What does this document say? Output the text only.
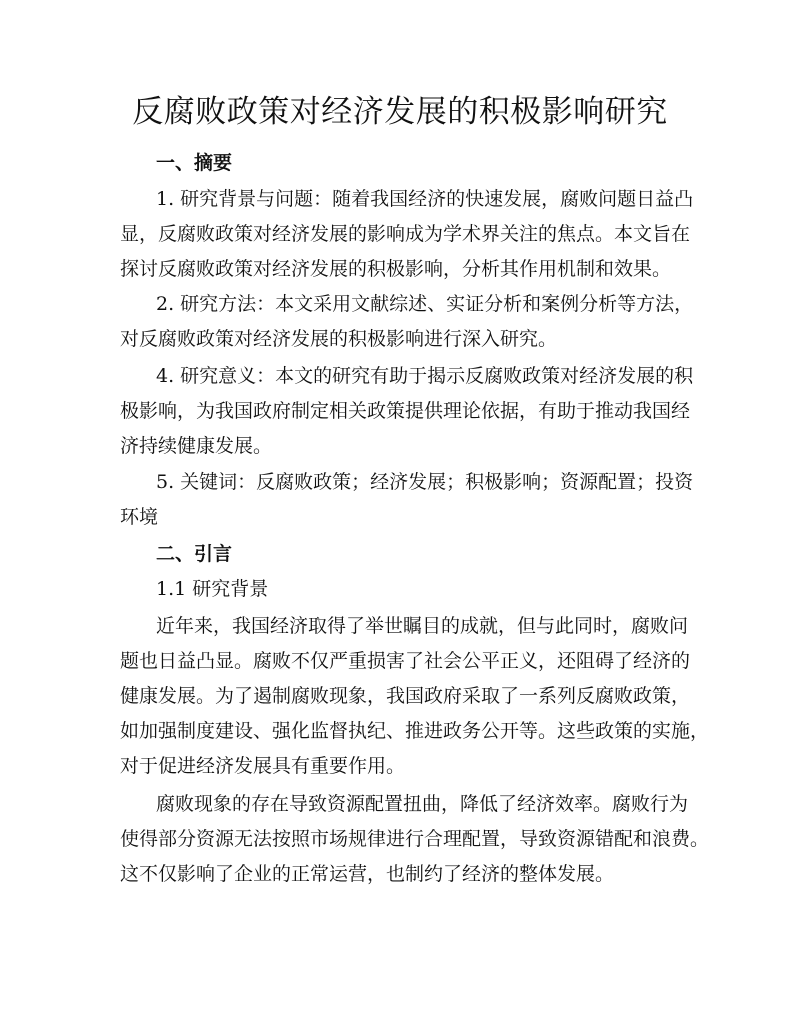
反腐败政策对经济发展的积极影响研究

一、摘要

1. 研究背景与问题：随着我国经济的快速发展，腐败问题日益凸

显，反腐败政策对经济发展的影响成为学术界关注的焦点。本文旨在

探讨反腐败政策对经济发展的积极影响，分析其作用机制和效果。

2. 研究方法：本文采用文献综述、实证分析和案例分析等方法，

对反腐败政策对经济发展的积极影响进行深入研究。

4. 研究意义：本文的研究有助于揭示反腐败政策对经济发展的积

极影响，为我国政府制定相关政策提供理论依据，有助于推动我国经

济持续健康发展。

5. 关键词：反腐败政策；经济发展；积极影响；资源配置；投资

环境

二、引言

1.1 研究背景

近年来，我国经济取得了举世瞩目的成就，但与此同时，腐败问

题也日益凸显。腐败不仅严重损害了社会公平正义，还阻碍了经济的

健康发展。为了遏制腐败现象，我国政府采取了一系列反腐败政策，

如加强制度建设、强化监督执纪、推进政务公开等。这些政策的实施，

对于促进经济发展具有重要作用。

腐败现象的存在导致资源配置扭曲，降低了经济效率。腐败行为

使得部分资源无法按照市场规律进行合理配置，导致资源错配和浪费。

这不仅影响了企业的正常运营，也制约了经济的整体发展。
